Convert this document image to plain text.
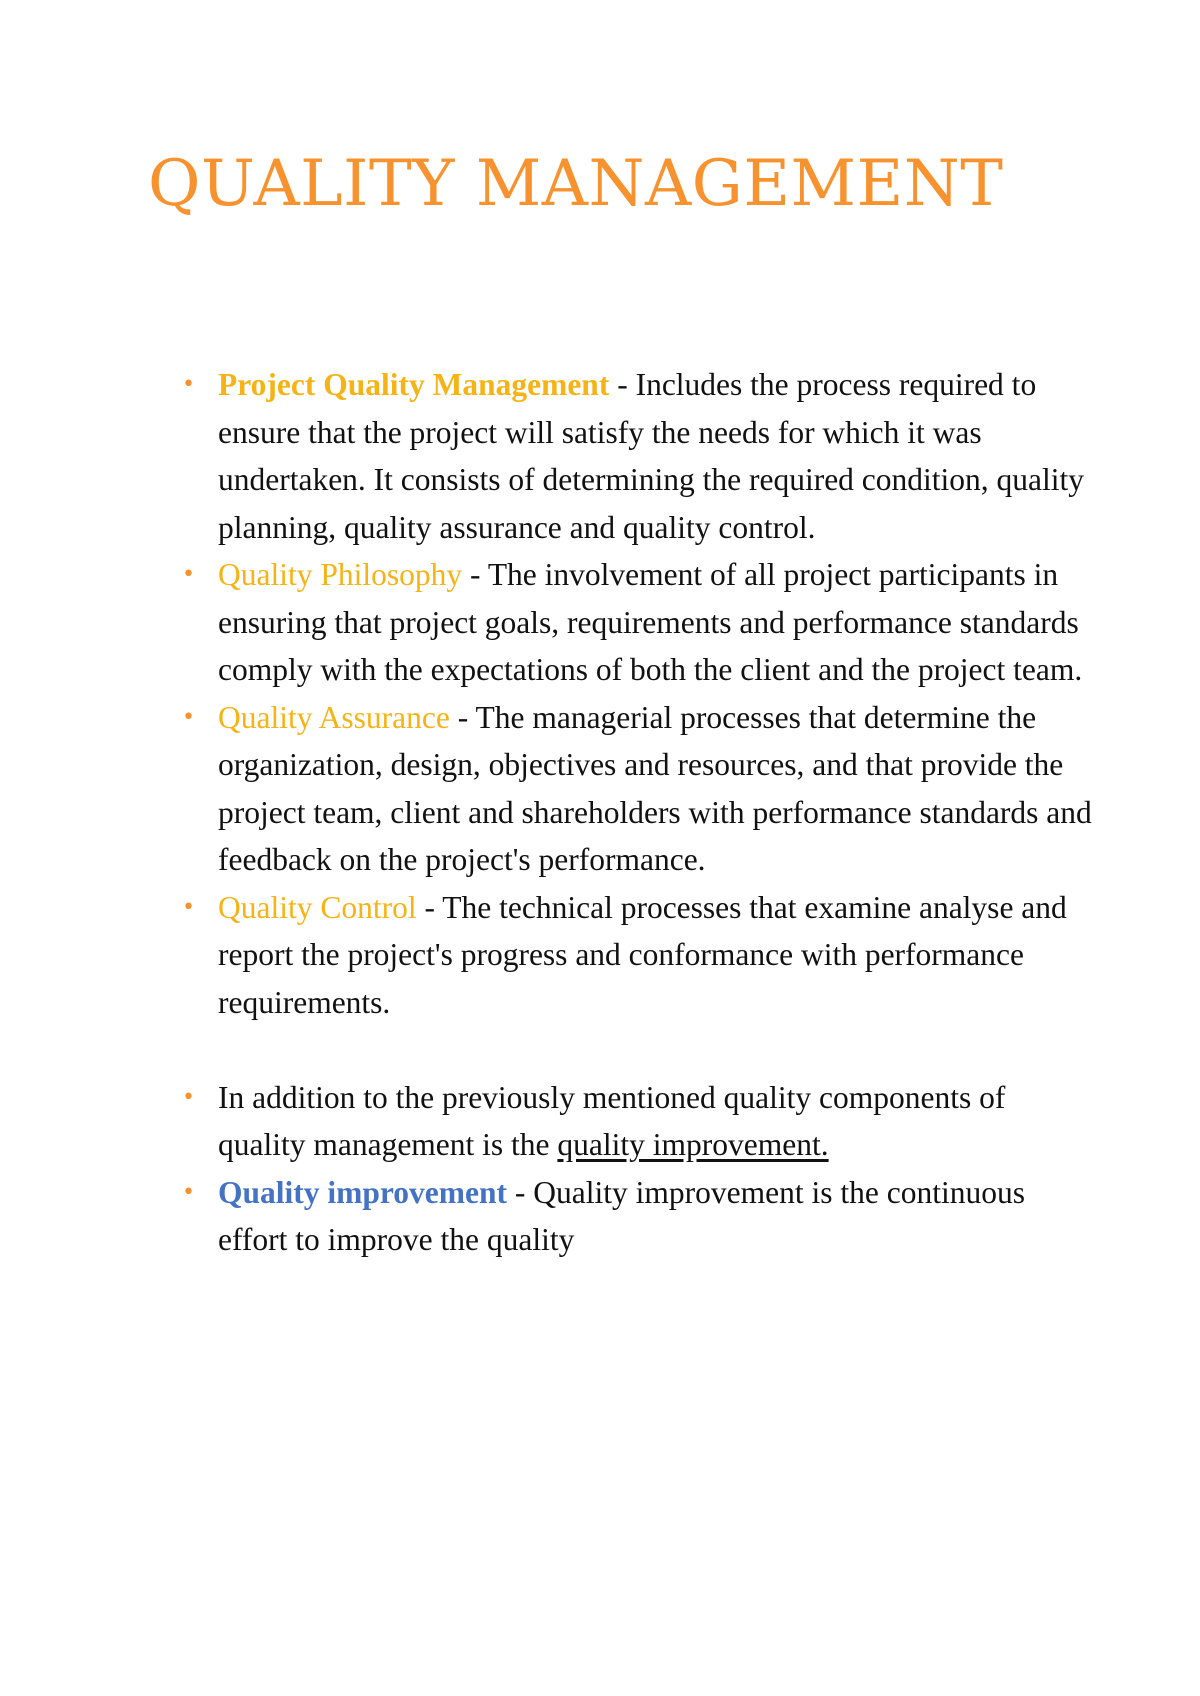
QUALITY MANAGEMENT
• Project Quality Management - Includes the process required to ensure that the project will satisfy the needs for which it was undertaken. It consists of determining the required condition, quality planning, quality assurance and quality control.
• Quality Philosophy - The involvement of all project participants in ensuring that project goals, requirements and performance standards comply with the expectations of both the client and the project team.
• Quality Assurance - The managerial processes that determine the organization, design, objectives and resources, and that provide the project team, client and shareholders with performance standards and feedback on the project's performance.
• Quality Control - The technical processes that examine analyse and report the project's progress and conformance with performance requirements.
• In addition to the previously mentioned quality components of quality management is the quality improvement.
• Quality improvement - Quality improvement is the continuous effort to improve the quality
